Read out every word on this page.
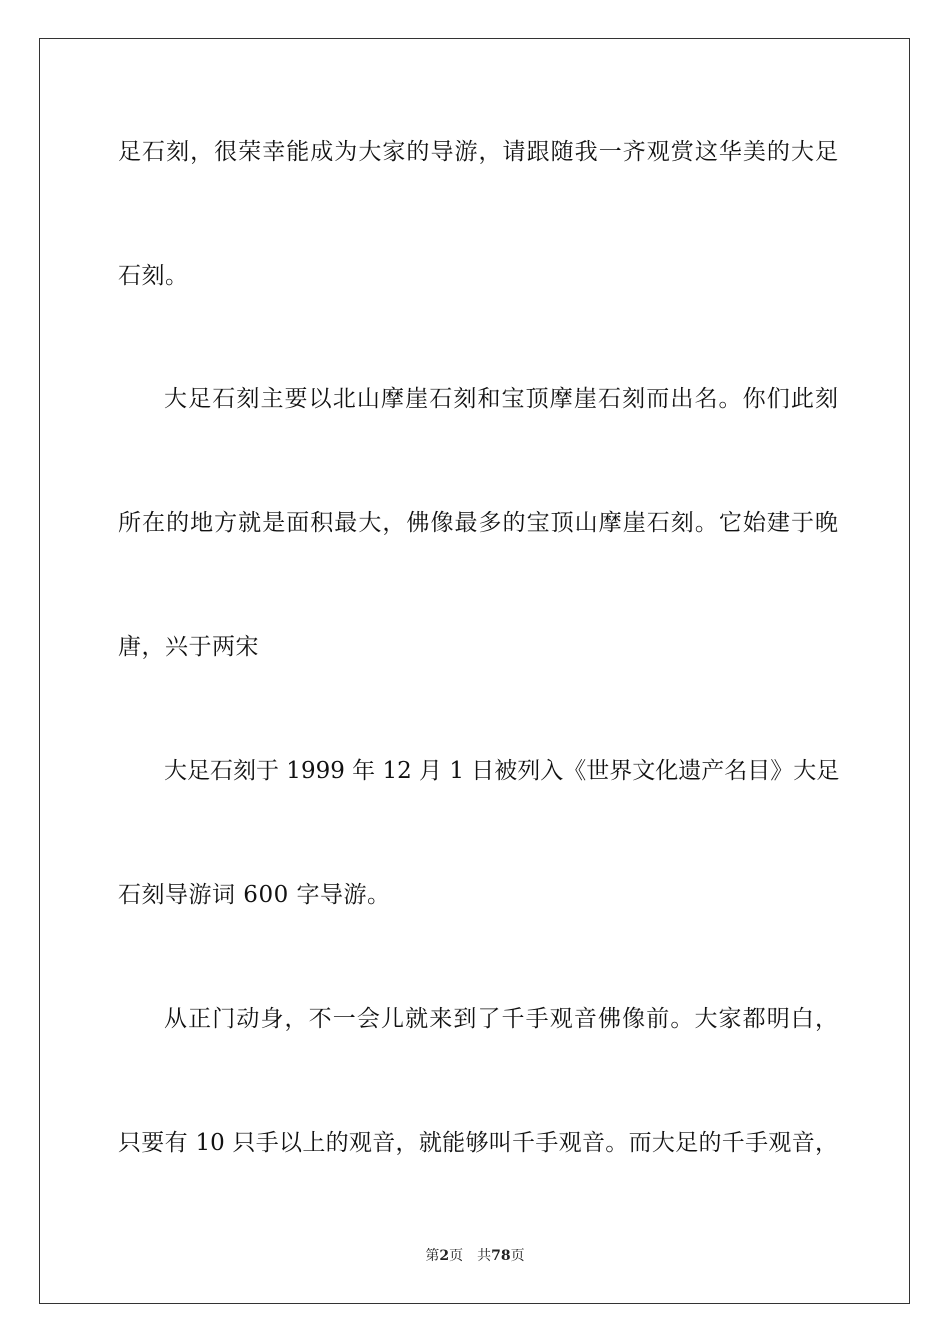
足石刻，很荣幸能成为大家的导游，请跟随我一齐观赏这华美的大足
石刻。
大足石刻主要以北山摩崖石刻和宝顶摩崖石刻而出名。你们此刻
所在的地方就是面积最大，佛像最多的宝顶山摩崖石刻。它始建于晚
唐，兴于两宋
大足石刻于 1999 年 12 月 1 日被列入《世界文化遗产名目》大足
石刻导游词 600 字导游。
从正门动身，不一会儿就来到了千手观音佛像前。大家都明白，
只要有 10 只手以上的观音，就能够叫千手观音。而大足的千手观音，
第2页 共78页
